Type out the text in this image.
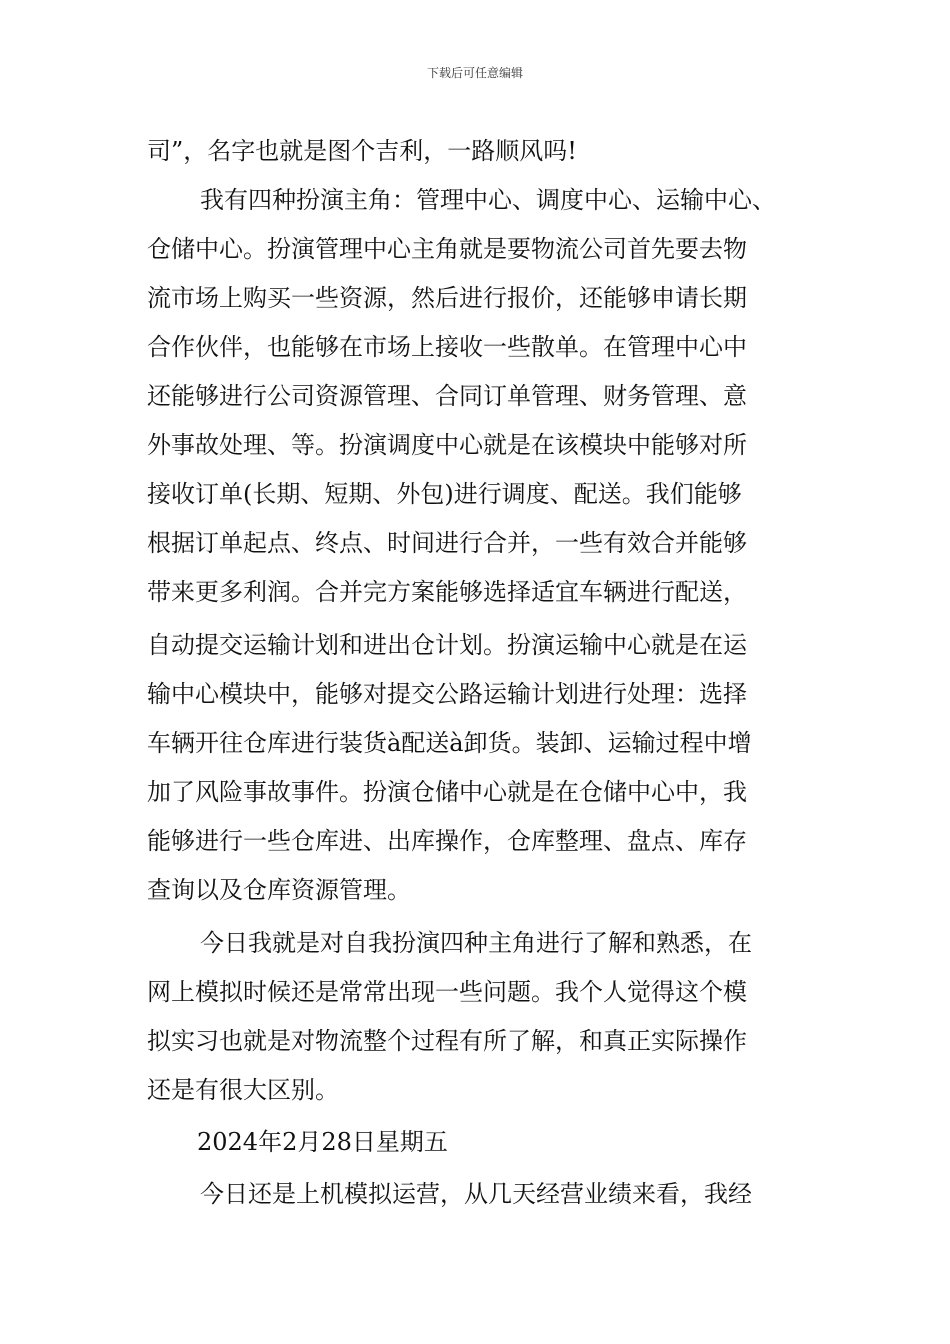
下载后可任意编辑
司”，名字也就是图个吉利，一路顺风吗!
我有四种扮演主角：管理中心、调度中心、运输中心、
仓储中心。扮演管理中心主角就是要物流公司首先要去物
流市场上购买一些资源，然后进行报价，还能够申请长期
合作伙伴，也能够在市场上接收一些散单。在管理中心中
还能够进行公司资源管理、合同订单管理、财务管理、意
外事故处理、等。扮演调度中心就是在该模块中能够对所
接收订单(长期、短期、外包)进行调度、配送。我们能够
根据订单起点、终点、时间进行合并，一些有效合并能够
带来更多利润。合并完方案能够选择适宜车辆进行配送，
自动提交运输计划和进出仓计划。扮演运输中心就是在运
输中心模块中，能够对提交公路运输计划进行处理：选择
车辆开往仓库进行装货à配送à卸货。装卸、运输过程中增
加了风险事故事件。扮演仓储中心就是在仓储中心中，我
能够进行一些仓库进、出库操作，仓库整理、盘点、库存
查询以及仓库资源管理。
今日我就是对自我扮演四种主角进行了解和熟悉，在
网上模拟时候还是常常出现一些问题。我个人觉得这个模
拟实习也就是对物流整个过程有所了解，和真正实际操作
还是有很大区别。
2024年2月28日星期五
今日还是上机模拟运营，从几天经营业绩来看，我经
